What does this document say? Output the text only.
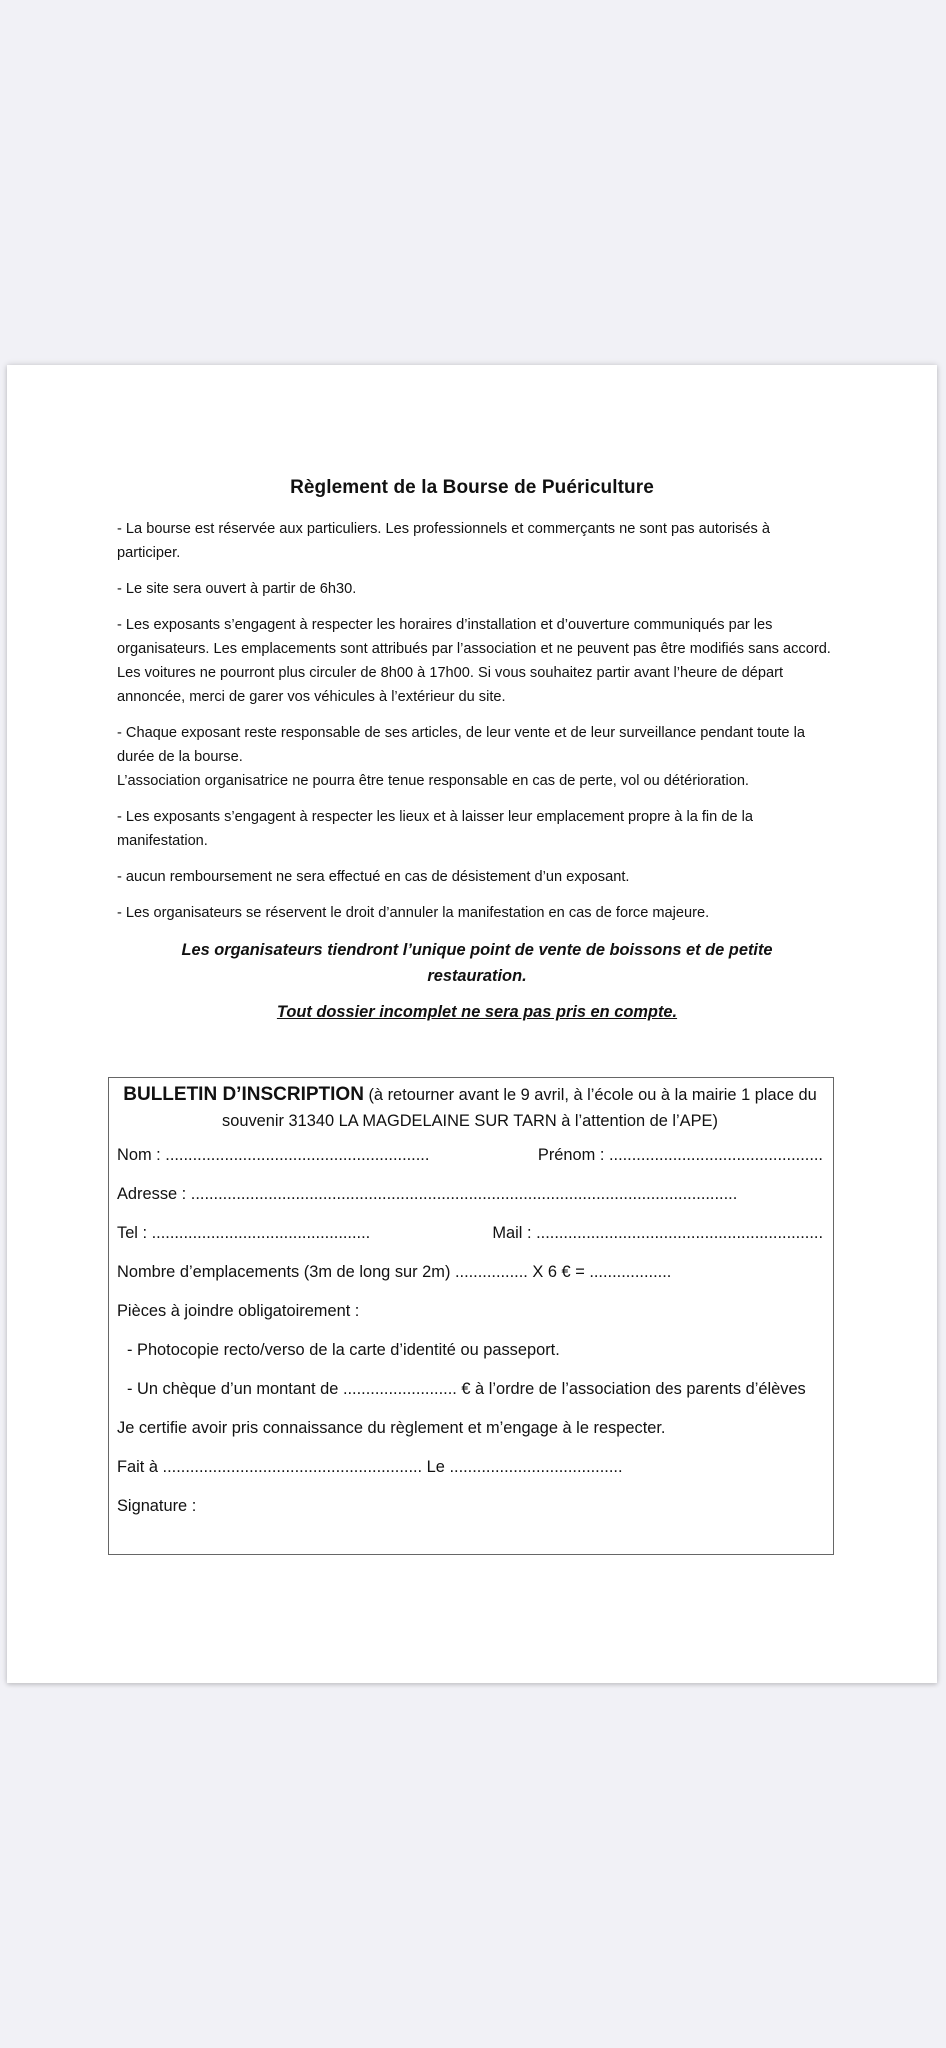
Règlement de la Bourse de Puériculture

- La bourse est réservée aux particuliers. Les professionnels et commerçants ne sont pas autorisés à participer.

- Le site sera ouvert à partir de 6h30.

- Les exposants s’engagent à respecter les horaires d’installation et d’ouverture communiqués par les organisateurs. Les emplacements sont attribués par l’association et ne peuvent pas être modifiés sans accord. Les voitures ne pourront plus circuler de 8h00 à 17h00. Si vous souhaitez partir avant l’heure de départ annoncée, merci de garer vos véhicules à l’extérieur du site.

- Chaque exposant reste responsable de ses articles, de leur vente et de leur surveillance pendant toute la durée de la bourse.

L’association organisatrice ne pourra être tenue responsable en cas de perte, vol ou détérioration.

- Les exposants s’engagent à respecter les lieux et à laisser leur emplacement propre à la fin de la manifestation.

- aucun remboursement ne sera effectué en cas de désistement d’un exposant.

- Les organisateurs se réservent le droit d’annuler la manifestation en cas de force majeure.

Les organisateurs tiendront l’unique point de vente de boissons et de petite restauration.

Tout dossier incomplet ne sera pas pris en compte.

BULLETIN D’INSCRIPTION (à retourner avant le 9 avril, à l’école ou à la mairie 1 place du souvenir 31340 LA MAGDELAINE SUR TARN à l’attention de l’APE)
Nom : ..........................................................	Prénom : ...............................................
Adresse : ........................................................................................................................
Tel : ................................................	Mail : ...............................................................
Nombre d’emplacements (3m de long sur 2m) ................ X 6 € = ..................
Pièces à joindre obligatoirement :
- Photocopie recto/verso de la carte d’identité ou passeport.
- Un chèque d’un montant de ......................... € à l’ordre de l’association des parents d’élèves
Je certifie avoir pris connaissance du règlement et m’engage à le respecter.
Fait à ......................................................... Le ......................................
Signature :
